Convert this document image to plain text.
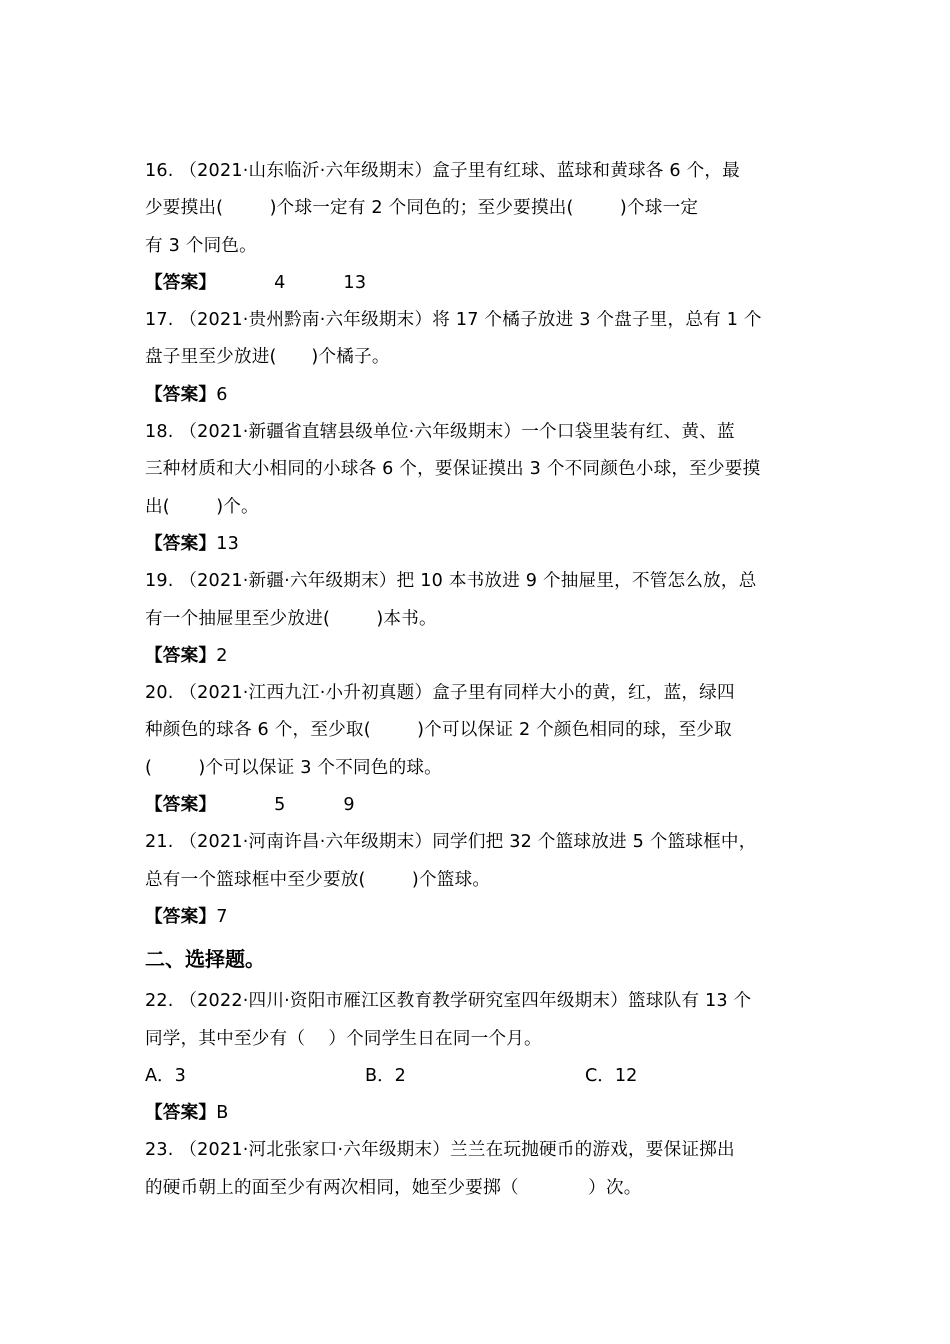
16. （2021·山东临沂·六年级期末）盒子里有红球、蓝球和黄球各 6 个，最
少要摸出(        )个球一定有 2 个同色的；至少要摸出(        )个球一定
有 3 个同色。
【答案】          4          13
17. （2021·贵州黔南·六年级期末）将 17 个橘子放进 3 个盘子里，总有 1 个
盘子里至少放进(      )个橘子。
【答案】6
18. （2021·新疆省直辖县级单位·六年级期末）一个口袋里装有红、黄、蓝
三种材质和大小相同的小球各 6 个，要保证摸出 3 个不同颜色小球，至少要摸
出(        )个。
【答案】13
19. （2021·新疆·六年级期末）把 10 本书放进 9 个抽屉里，不管怎么放，总
有一个抽屉里至少放进(        )本书。
【答案】2
20. （2021·江西九江·小升初真题）盒子里有同样大小的黄，红，蓝，绿四
种颜色的球各 6 个，至少取(        )个可以保证 2 个颜色相同的球，至少取
(        )个可以保证 3 个不同色的球。
【答案】          5          9
21. （2021·河南许昌·六年级期末）同学们把 32 个篮球放进 5 个篮球框中，
总有一个篮球框中至少要放(        )个篮球。
【答案】7
二、选择题。
22. （2022·四川·资阳市雁江区教育教学研究室四年级期末）篮球队有 13 个
同学，其中至少有（    ）个同学生日在同一个月。

A．3

	B．2

	C．12

【答案】B
23. （2021·河北张家口·六年级期末）兰兰在玩抛硬币的游戏，要保证掷出
的硬币朝上的面至少有两次相同，她至少要掷（            ）次。
